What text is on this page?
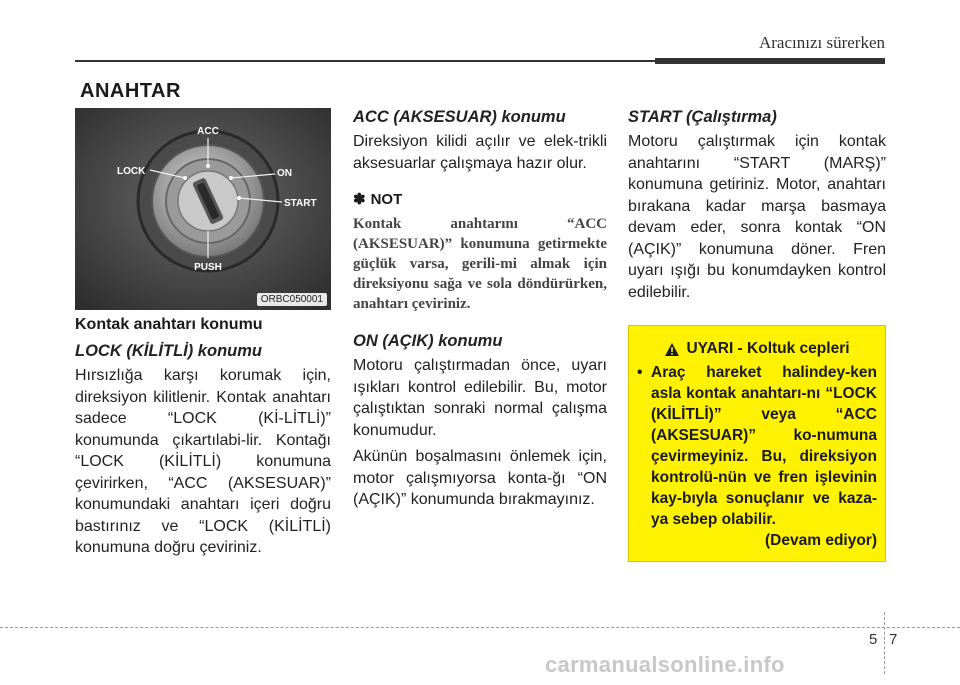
Aracınızı sürerken
ANAHTAR
ACC
LOCK	ON
START
PUSH
ORBC050001
Kontak anahtarı konumu
LOCK (KİLİTLİ) konumu
Hırsızlığa karşı korumak için, direksiyon kilitlenir. Kontak anahtarı sadece “LOCK (Kİ-LİTLİ)” konumunda çıkartılabi-lir. Kontağı “LOCK (KİLİTLİ) konumuna çevirirken, “ACC (AKSESUAR)” konumundaki anahtarı içeri doğru bastırınız ve “LOCK (KİLİTLİ) konumuna doğru çeviriniz.
ACC (AKSESUAR) konumu
Direksiyon kilidi açılır ve elek-trikli aksesuarlar çalışmaya hazır olur.
✽ NOT
Kontak anahtarını “ACC (AKSESUAR)” konumuna getirmekte güçlük varsa, gerili-mi almak için direksiyonu sağa ve sola döndürürken, anahtarı çeviriniz.
ON (AÇIK) konumu
Motoru çalıştırmadan önce, uyarı ışıkları kontrol edilebilir. Bu, motor çalıştıktan sonraki normal çalışma konumudur.
Akünün boşalmasını önlemek için, motor çalışmıyorsa konta-ğı “ON (AÇIK)” konumunda bırakmayınız.
START (Çalıştırma)
Motoru çalıştırmak için kontak anahtarını “START (MARŞ)” konumuna getiriniz. Motor, anahtarı bırakana kadar marşa basmaya devam eder, sonra kontak “ON (AÇIK)” konumuna döner. Fren uyarı ışığı bu konumdayken kontrol edilebilir.
UYARI - Koltuk cepleri
• Araç hareket halindey-ken asla kontak anahtarı-nı “LOCK (KİLİTLİ)” veya “ACC (AKSESUAR)” ko-numuna çevirmeyiniz. Bu, direksiyon kontrolü-nün ve fren işlevinin kay-bıyla sonuçlanır ve kaza-ya sebep olabilir.
(Devam ediyor)
5 7
carmanualsonline.info
